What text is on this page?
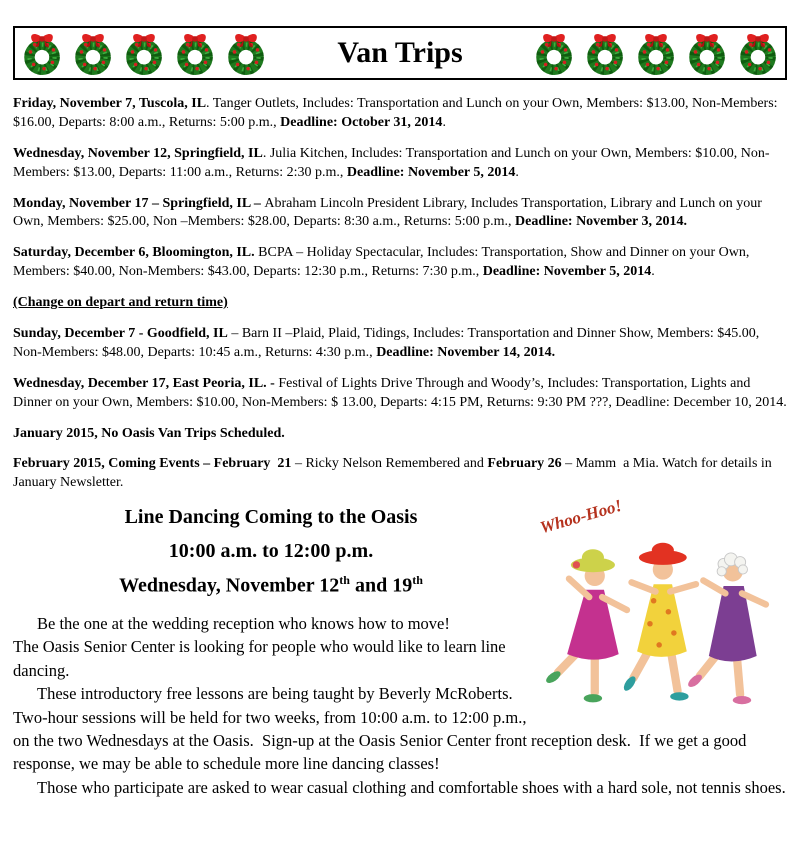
Van Trips

Friday, November 7, Tuscola, IL. Tanger Outlets, Includes: Transportation and Lunch on your Own, Members: $13.00, Non-Members: $16.00, Departs: 8:00 a.m., Returns: 5:00 p.m., Deadline: October 31, 2014.

Wednesday, November 12, Springfield, IL. Julia Kitchen, Includes: Transportation and Lunch on your Own, Members: $10.00, Non-Members: $13.00, Departs: 11:00 a.m., Returns: 2:30 p.m., Deadline: November 5, 2014.

Monday, November 17 – Springfield, IL – Abraham Lincoln President Library, Includes Transportation, Library and Lunch on your Own, Members: $25.00, Non –Members: $28.00, Departs: 8:30 a.m., Returns: 5:00 p.m., Deadline: November 3, 2014.

Saturday, December 6, Bloomington, IL. BCPA – Holiday Spectacular, Includes: Transportation, Show and Dinner on your Own, Members: $40.00, Non-Members: $43.00, Departs: 12:30 p.m., Returns: 7:30 p.m., Deadline: November 5, 2014.

(Change on depart and return time)

Sunday, December 7 - Goodfield, IL – Barn II –Plaid, Plaid, Tidings, Includes: Transportation and Dinner Show, Members: $45.00, Non-Members: $48.00, Departs: 10:45 a.m., Returns: 4:30 p.m., Deadline: November 14, 2014.

Wednesday, December 17, East Peoria, IL. - Festival of Lights Drive Through and Woody’s, Includes: Transportation, Lights and Dinner on your Own, Members: $10.00, Non-Members: $ 13.00, Departs: 4:15 PM, Returns: 9:30 PM ???, Deadline: December 10, 2014.

January 2015, No Oasis Van Trips Scheduled.

February 2015, Coming Events – February  21 – Ricky Nelson Remembered and February 26 – Mamm  a Mia. Watch for details in January Newsletter.

Whoo-Hoo!
Line Dancing Coming to the Oasis
10:00 a.m. to 12:00 p.m.
Wednesday, November 12th and 19th

Be the one at the wedding reception who knows how to move!

The Oasis Senior Center is looking for people who would like to learn line dancing.

These introductory free lessons are being taught by Beverly McRoberts.  Two-hour sessions will be held for two weeks, from 10:00 a.m. to 12:00 p.m., on the two Wednesdays at the Oasis.  Sign-up at the Oasis Senior Center front reception desk.  If we get a good response, we may be able to schedule more line dancing classes!

Those who participate are asked to wear casual clothing and comfortable shoes with a hard sole, not tennis shoes.
